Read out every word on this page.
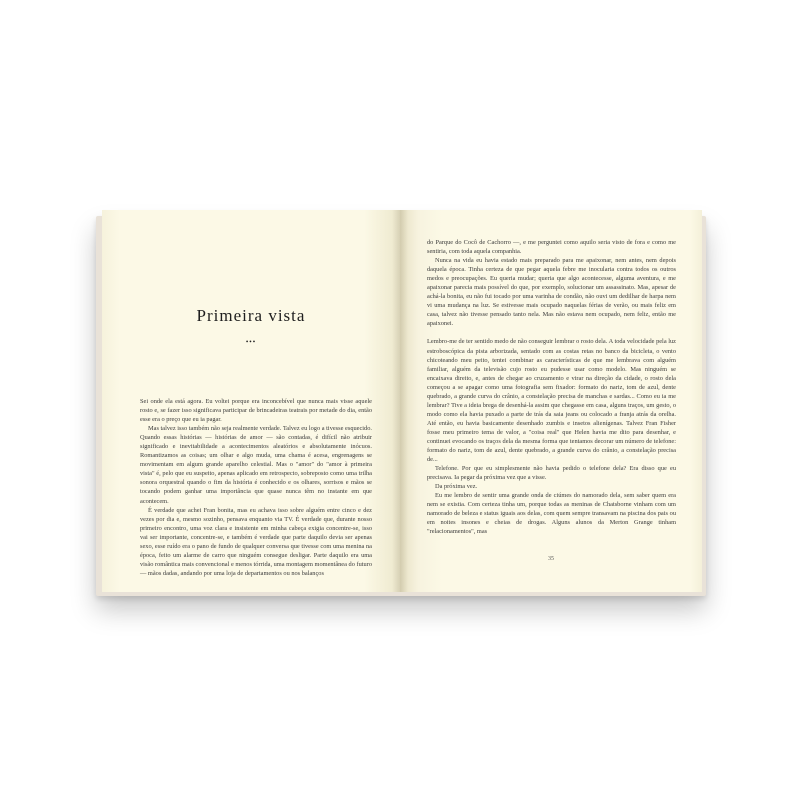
Primeira vista
•••

Sei onde ela está agora. Eu voltei porque era inconcebível que nunca mais visse aquele rosto e, se fazer isso significava participar de brincadeiras teatrais por metade do dia, então esse era o preço que eu ia pagar.

Mas talvez isso também não seja realmente verdade. Talvez eu logo a tivesse esquecido. Quando essas histórias — histórias de amor — são contadas, é difícil não atribuir significado e inevitabilidade a acontecimentos aleatórios e absolutamente inócuos. Romantizamos as coisas; um olhar e algo muda, uma chama é acesa, engrenagens se movimentam em algum grande aparelho celestial. Mas o "amor" do "amor à primeira vista" é, pelo que eu suspeito, apenas aplicado em retrospecto, sobreposto como uma trilha sonora orquestral quando o fim da história é conhecido e os olhares, sorrisos e mãos se tocando podem ganhar uma importância que quase nunca têm no instante em que acontecem.

É verdade que achei Fran bonita, mas eu achava isso sobre alguém entre cinco e dez vezes por dia e, mesmo sozinho, pensava enquanto via TV. É verdade que, durante nosso primeiro encontro, uma voz clara e insistente em minha cabeça exigia concentre-se, isso vai ser importante, concentre-se, e também é verdade que parte daquilo devia ser apenas sexo, esse ruído era o pano de fundo de qualquer conversa que tivesse com uma menina na época, feito um alarme de carro que ninguém consegue desligar. Parte daquilo era uma visão romântica mais convencional e menos tórrida, uma montagem momentânea do futuro — mãos dadas, andando por uma loja de departamentos ou nos balanços

do Parque do Cocô de Cachorro —, e me perguntei como aquilo seria visto de fora e como me sentiria, com toda aquela companhia.

Nunca na vida eu havia estado mais preparado para me apaixonar, nem antes, nem depois daquela época. Tinha certeza de que pegar aquela febre me inocularia contra todos os outros medos e preocupações. Eu queria mudar; queria que algo acontecesse, alguma aventura, e me apaixonar parecia mais possível do que, por exemplo, solucionar um assassinato. Mas, apesar de achá-la bonita, eu não fui tocado por uma varinha de condão, não ouvi um dedilhar de harpa nem vi uma mudança na luz. Se estivesse mais ocupado naquelas férias de verão, ou mais feliz em casa, talvez não tivesse pensado tanto nela. Mas não estava nem ocupado, nem feliz, então me apaixonei.

Lembro-me de ter sentido medo de não conseguir lembrar o rosto dela. A toda velocidade pela luz estroboscópica da pista arborizada, sentado com as costas retas no banco da bicicleta, o vento chicoteando meu peito, tentei combinar as características de que me lembrava com alguém familiar, alguém da televisão cujo rosto eu pudesse usar como modelo. Mas ninguém se encaixava direito, e, antes de chegar ao cruzamento e virar na direção da cidade, o rosto dela começou a se apagar como uma fotografia sem fixador: formato do nariz, tom de azul, dente quebrado, a grande curva do crânio, a constelação precisa de manchas e sardas... Como eu ia me lembrar? Tive a ideia brega de desenhá-la assim que chegasse em casa, alguns traços, um gesto, o modo como ela havia puxado a parte de trás da saia jeans ou colocado a franja atrás da orelha. Até então, eu havia basicamente desenhado zumbis e insetos alienígenas. Talvez Fran Fisher fosse meu primeiro tema de valor, a "coisa real" que Helen havia me dito para desenhar, e continuei evocando os traços dela da mesma forma que tentamos decorar um número de telefone: formato do nariz, tom de azul, dente quebrado, a grande curva do crânio, a constelação precisa de...

Telefone. Por que eu simplesmente não havia pedido o telefone dela? Era disso que eu precisava. Ia pegar da próxima vez que a visse.

Da próxima vez.

Eu me lembro de sentir uma grande onda de ciúmes do namorado dela, sem saber quem era nem se existia. Com certeza tinha um, porque todas as meninas de Chatsborne vinham com um namorado de beleza e status iguais aos delas, com quem sempre transavam na piscina dos pais ou em noites insones e cheias de drogas. Alguns alunos da Merton Grange tinham "relacionamentos", mas

35
